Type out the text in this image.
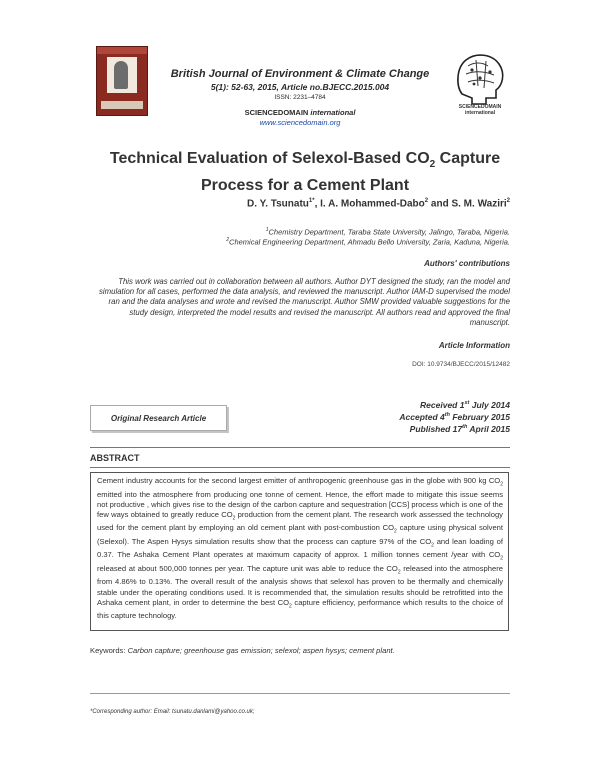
British Journal of Environment & Climate Change
5(1): 52-63, 2015, Article no.BJECC.2015.004
ISSN: 2231–4784
SCIENCEDOMAIN international
www.sciencedomain.org
SCIENCEDOMAIN international
Technical Evaluation of Selexol-Based $CO_2$ Capture
Process for a Cement Plant
D. Y. Tsunatu$^{1*}$, I. A. Mohammed-Dabo$^2$ and S. M. Waziri$^2$
$^1$Chemistry Department, Taraba State University, Jalingo, Taraba, Nigeria.
$^2$Chemical Engineering Department, Ahmadu Bello University, Zaria, Kaduna, Nigeria.
Authors' contributions
This work was carried out in collaboration between all authors. Author DYT designed the study, ran the model and simulation for all cases, performed the data analysis, and reviewed the manuscript. Author IAM-D supervised the model ran and the data analyses and wrote and revised the manuscript. Author SMW provided valuable suggestions for the study design, interpreted the model results and revised the manuscript. All authors read and approved the final manuscript.
Article Information
DOI: 10.9734/BJECC/2015/12482
Original Research Article
Received 1st July 2014
Accepted 4th February 2015
Published 17th April 2015
ABSTRACT
Cement industry accounts for the second largest emitter of anthropogenic greenhouse gas in the globe with 900 kg $CO_2$ emitted into the atmosphere from producing one tonne of cement. Hence, the effort made to mitigate this issue seems not productive , which gives rise to the design of the carbon capture and sequestration [CCS] process which is one of the few ways obtained to greatly reduce $CO_2$ production from the cement plant. The research work assessed the technology used for the cement plant by employing an old cement plant with post-combustion $CO_2$ capture using physical solvent (Selexol). The Aspen Hysys simulation results show that the process can capture 97% of the $CO_2$ and lean loading of 0.37. The Ashaka Cement Plant operates at maximum capacity of approx. 1 million tonnes cement /year with $CO_2$ released at about 500,000 tonnes per year. The capture unit was able to reduce the $CO_2$ released into the atmosphere from 4.86% to 0.13%. The overall result of the analysis shows that selexol has proven to be thermally and chemically stable under the operating conditions used. It is recommended that, the simulation results should be retrofitted into the Ashaka cement plant, in order to determine the best $CO_2$ capture efficiency, performance which results to the choice of this capture technology.
Keywords: Carbon capture; greenhouse gas emission; selexol; aspen hysys; cement plant.
*Corresponding author: Email: tsunatu.danlami@yahoo.co.uk;
